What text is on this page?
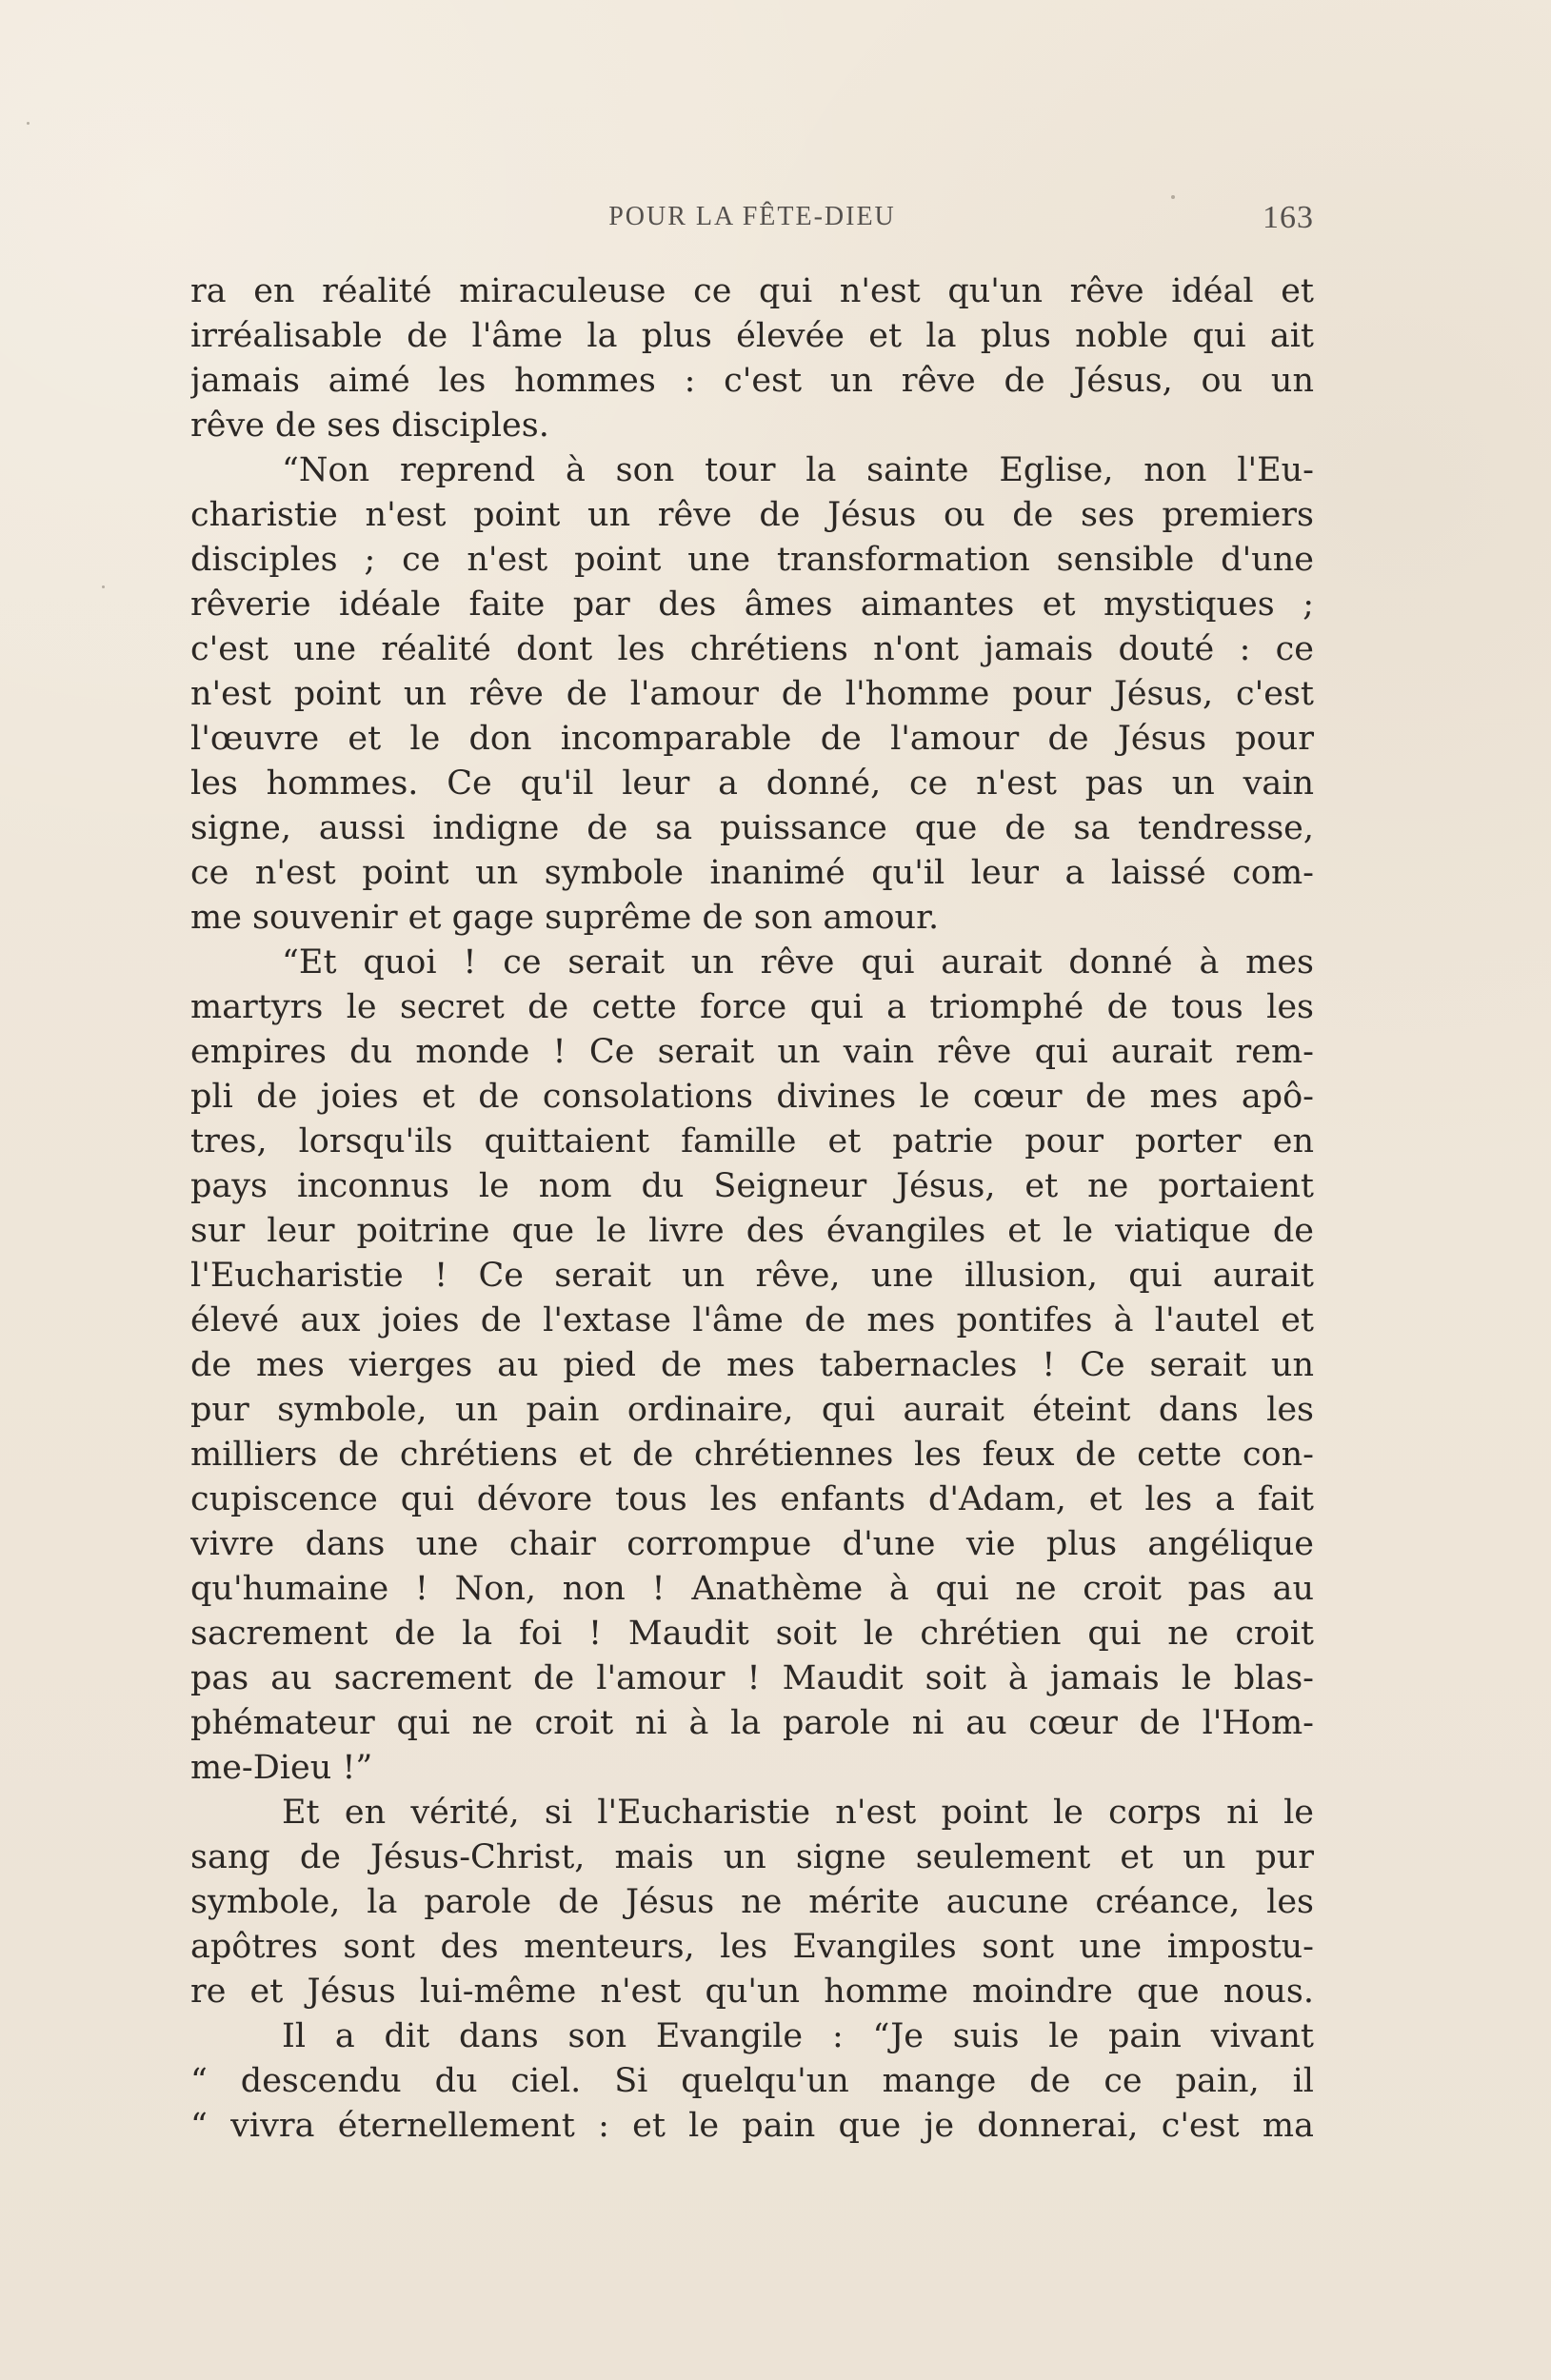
POUR LA FÊTE-DIEU	163
ra en réalité miraculeuse ce qui n'est qu'un rêve idéal et
irréalisable de l'âme la plus élevée et la plus noble qui ait
jamais aimé les hommes : c'est un rêve de Jésus, ou un
rêve de ses disciples.
“Non reprend à son tour la sainte Eglise, non l'Eu-
charistie n'est point un rêve de Jésus ou de ses premiers
disciples ; ce n'est point une transformation sensible d'une
rêverie idéale faite par des âmes aimantes et mystiques ;
c'est une réalité dont les chrétiens n'ont jamais douté : ce
n'est point un rêve de l'amour de l'homme pour Jésus, c'est
l'œuvre et le don incomparable de l'amour de Jésus pour
les hommes. Ce qu'il leur a donné, ce n'est pas un vain
signe, aussi indigne de sa puissance que de sa tendresse,
ce n'est point un symbole inanimé qu'il leur a laissé com-
me souvenir et gage suprême de son amour.
“Et quoi ! ce serait un rêve qui aurait donné à mes
martyrs le secret de cette force qui a triomphé de tous les
empires du monde ! Ce serait un vain rêve qui aurait rem-
pli de joies et de consolations divines le cœur de mes apô-
tres, lorsqu'ils quittaient famille et patrie pour porter en
pays inconnus le nom du Seigneur Jésus, et ne portaient
sur leur poitrine que le livre des évangiles et le viatique de
l'Eucharistie ! Ce serait un rêve, une illusion, qui aurait
élevé aux joies de l'extase l'âme de mes pontifes à l'autel et
de mes vierges au pied de mes tabernacles ! Ce serait un
pur symbole, un pain ordinaire, qui aurait éteint dans les
milliers de chrétiens et de chrétiennes les feux de cette con-
cupiscence qui dévore tous les enfants d'Adam, et les a fait
vivre dans une chair corrompue d'une vie plus angélique
qu'humaine ! Non, non ! Anathème à qui ne croit pas au
sacrement de la foi ! Maudit soit le chrétien qui ne croit
pas au sacrement de l'amour ! Maudit soit à jamais le blas-
phémateur qui ne croit ni à la parole ni au cœur de l'Hom-
me-Dieu !”
Et en vérité, si l'Eucharistie n'est point le corps ni le
sang de Jésus-Christ, mais un signe seulement et un pur
symbole, la parole de Jésus ne mérite aucune créance, les
apôtres sont des menteurs, les Evangiles sont une impostu-
re et Jésus lui-même n'est qu'un homme moindre que nous.
Il a dit dans son Evangile : “Je suis le pain vivant
“ descendu du ciel. Si quelqu'un mange de ce pain, il
“ vivra éternellement : et le pain que je donnerai, c'est ma
